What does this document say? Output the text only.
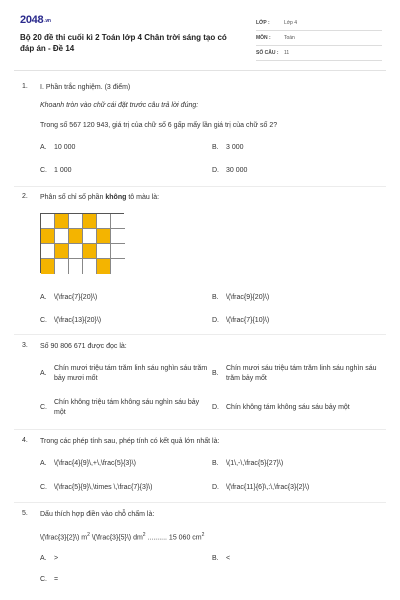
2048.vn
Bộ 20 đề thi cuối kì 2 Toán lớp 4 Chân trời sáng tạo có đáp án - Đề 14
LỚP :	Lớp 4
MÔN :	Toán
SỐ CÂU :	11
1. I. Phần trắc nghiệm. (3 điểm)
Khoanh tròn vào chữ cái đặt trước câu trả lời đúng:
Trong số 567 120 943, giá trị của chữ số 6 gấp mấy lần giá trị của chữ số 2?
A.	10 000	B.	3 000
C.	1 000	D.	30 000
2. Phân số chỉ số phần không tô màu là:
A.	\(\frac{7}{20}\)	B.	\(\frac{9}{20}\)
C.	\(\frac{13}{20}\)	D.	\(\frac{7}{10}\)
3. Số 90 806 671 được đọc là:
A.
Chín mươi triệu tám trăm linh sáu nghìn sáu trăm bảy mươi mốt
B.
Chín mươi sáu triệu tám trăm linh sáu nghìn sáu trăm bảy mốt
C.
Chín không triệu tám không sáu nghìn sáu bảy một
D.	Chín không tám không sáu sáu bảy một
4. Trong các phép tính sau, phép tính có kết quả lớn nhất là:
A.	\(\frac{4}{9}\,+\,\frac{5}{3}\)	B.	\(1\,-\,\frac{5}{27}\)
C.	\(\frac{5}{9}\,\times \,\frac{7}{3}\)	D.	\(\frac{11}{6}\,:\,\frac{3}{2}\)
5. Dấu thích hợp điền vào chỗ chấm là:
\(\frac{3}{2}\) $m^2$ \(\frac{3}{5}\) $dm^2$ .......... 15 060 $cm^2$
A.	>	B.	<
C.	=
